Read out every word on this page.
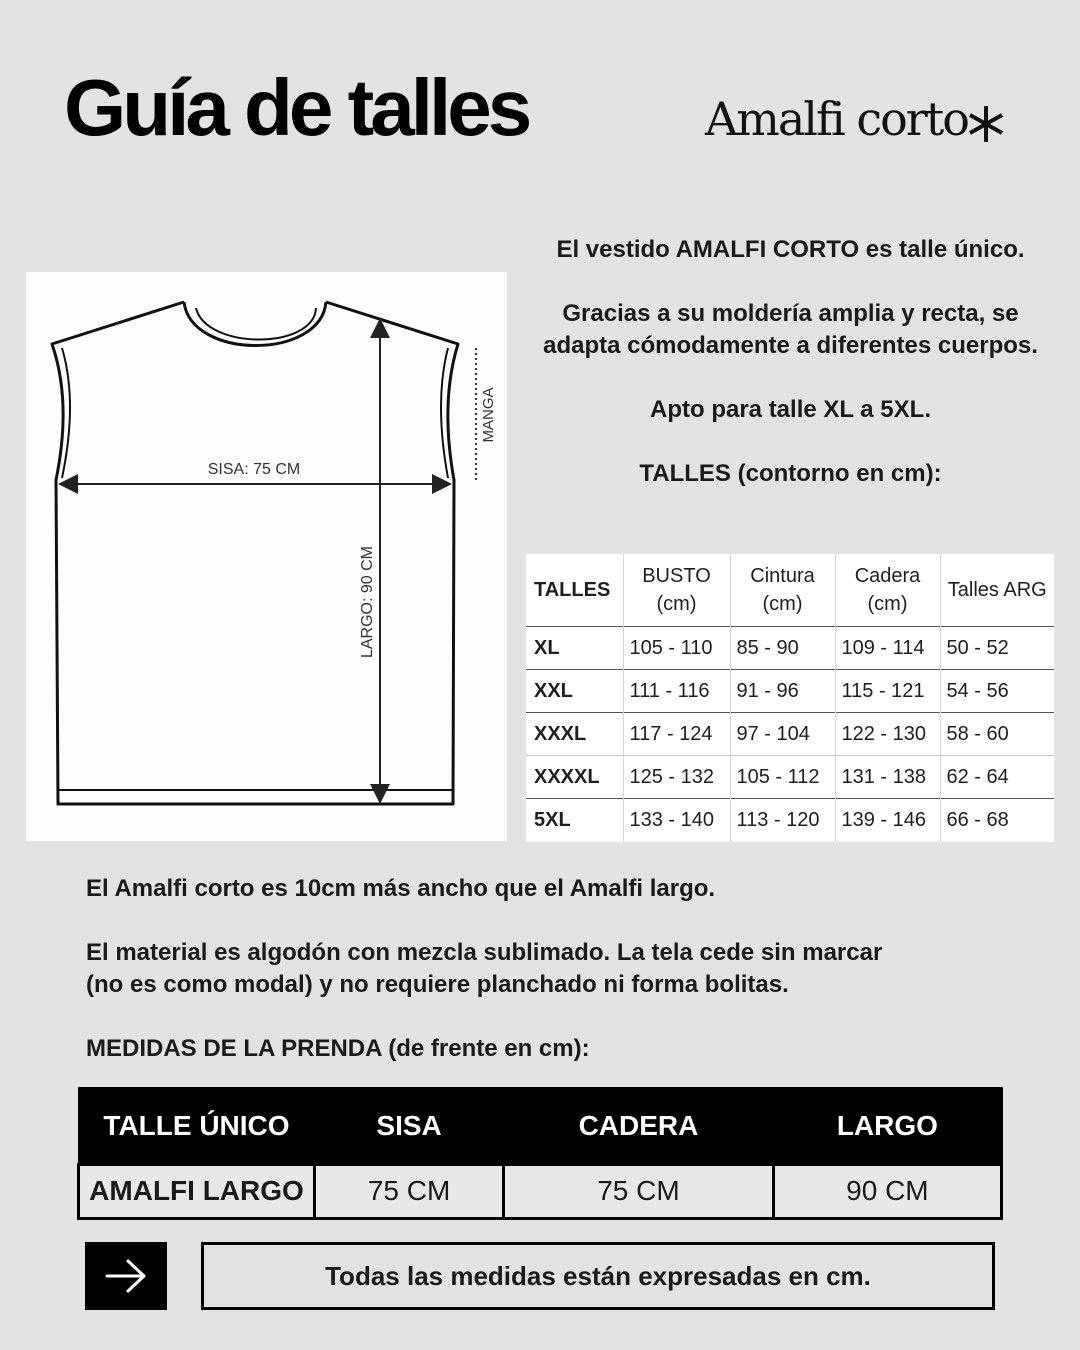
Guía de talles	Amalfi corto
SISA: 75 CM
LARGO: 90 CM
MANGA

El vestido AMALFI CORTO es talle único.

Gracias a su moldería amplia y recta, se adapta cómodamente a diferentes cuerpos.

Apto para talle XL a 5XL.

TALLES (contorno en cm):

TALLES	BUSTO (cm)	Cintura (cm)	Cadera (cm)	Talles ARG
XL	105 - 110	85 - 90	109 - 114	50 - 52
XXL	111 - 116	91 - 96	115 - 121	54 - 56
XXXL	117 - 124	97 - 104	122 - 130	58 - 60
XXXXL	125 - 132	105 - 112	131 - 138	62 - 64
5XL	133 - 140	113 - 120	139 - 146	66 - 68

El Amalfi corto es 10cm más ancho que el Amalfi largo.

El material es algodón con mezcla sublimado. La tela cede sin marcar
(no es como modal) y no requiere planchado ni forma bolitas.

MEDIDAS DE LA PRENDA (de frente en cm):

TALLE ÚNICO	SISA	CADERA	LARGO
AMALFI LARGO	75 CM	75 CM	90 CM
Todas las medidas están expresadas en cm.
